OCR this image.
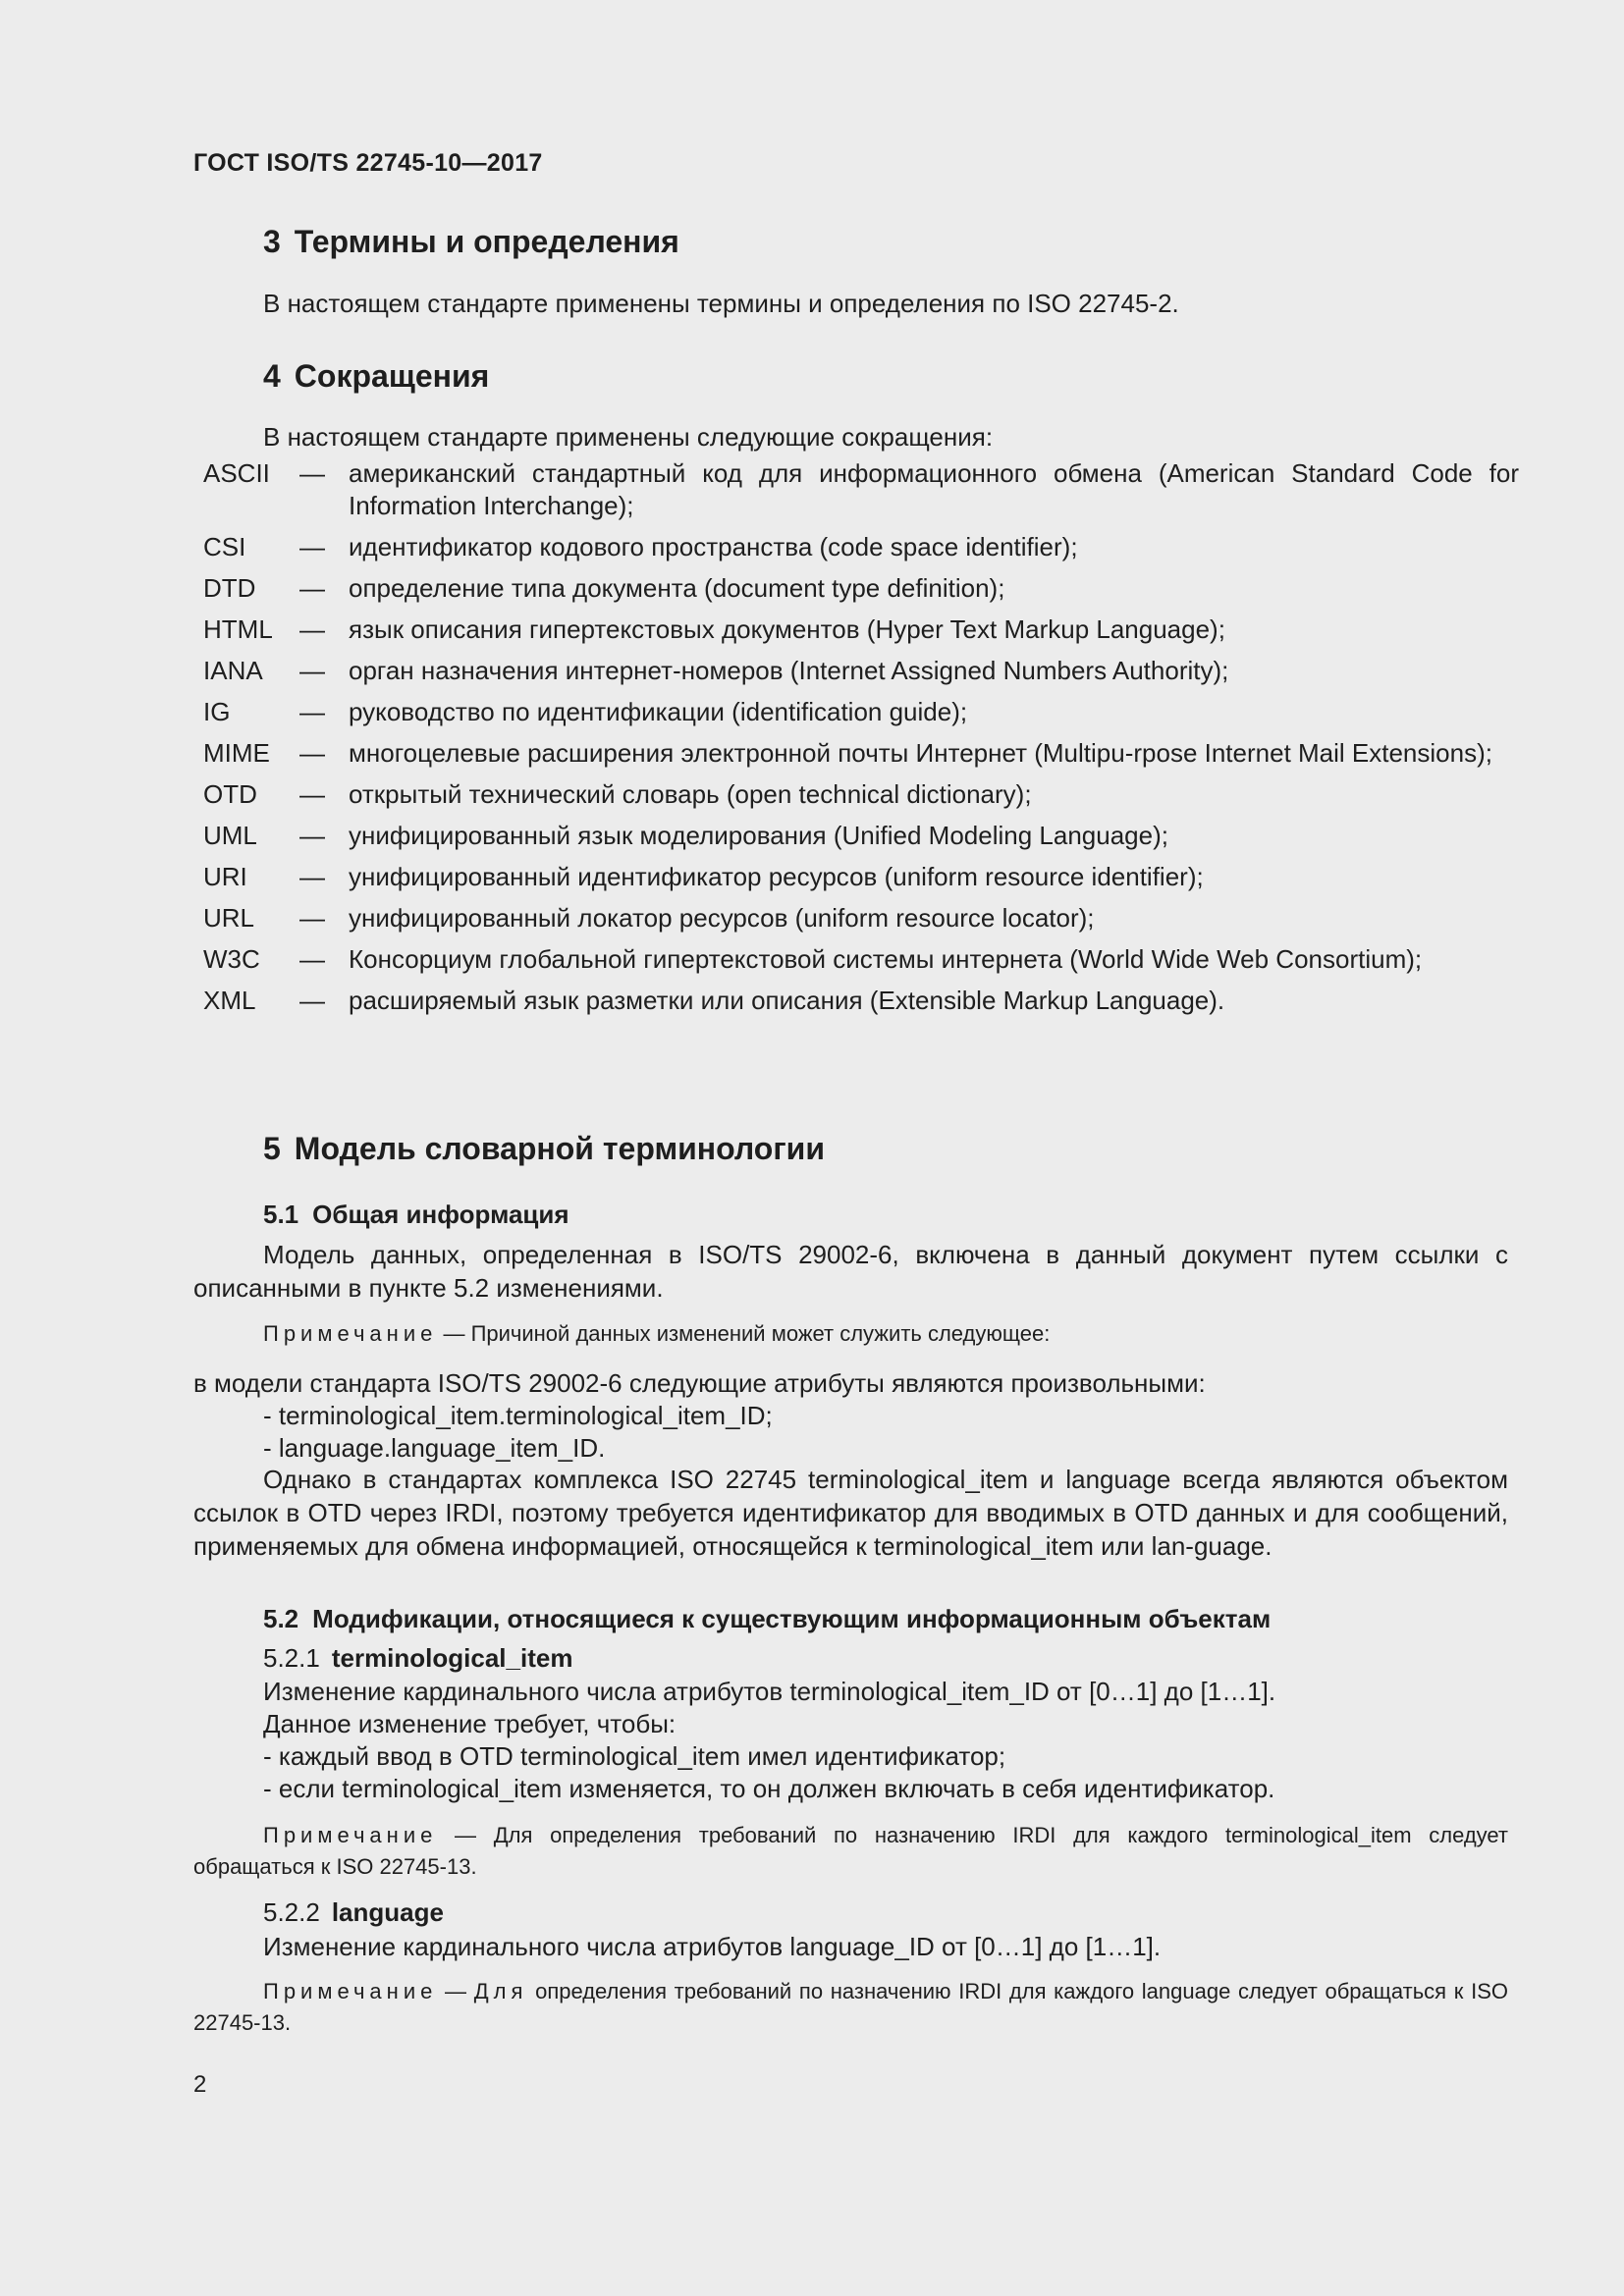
ГОСТ ISO/TS 22745-10—2017
3 Термины и определения
В настоящем стандарте применены термины и определения по ISO 22745-2.
4 Сокращения
В настоящем стандарте применены следующие сокращения:
ASCII	— американский стандартный код для информационного обмена (American Standard Code for Information Interchange);
CSI	— идентификатор кодового пространства (code space identifier);
DTD	— определение типа документа (document type definition);
HTML	— язык описания гипертекстовых документов (Hyper Text Markup Language);
IANA	— орган назначения интернет-номеров (Internet Assigned Numbers Authority);
IG	— руководство по идентификации (identification guide);
MIME	— многоцелевые расширения электронной почты Интернет (Multipu-rpose Internet Mail Extensions);
OTD	— открытый технический словарь (open technical dictionary);
UML	— унифицированный язык моделирования (Unified Modeling Language);
URI	— унифицированный идентификатор ресурсов (uniform resource identifier);
URL	— унифицированный локатор ресурсов (uniform resource locator);
W3C	— Консорциум глобальной гипертекстовой системы интернета (World Wide Web Consortium);
XML	— расширяемый язык разметки или описания (Extensible Markup Language).
5 Модель словарной терминологии
5.1 Общая информация
Модель данных, определенная в ISO/TS 29002-6, включена в данный документ путем ссылки с описанными в пункте 5.2 изменениями.
Примечание — Причиной данных изменений может служить следующее:
в модели стандарта ISO/TS 29002-6 следующие атрибуты являются произвольными:
- terminological_item.terminological_item_ID;
- language.language_item_ID.
Однако в стандартах комплекса ISO 22745 terminological_item и language всегда являются объектом ссылок в OTD через IRDI, поэтому требуется идентификатор для вводимых в OTD данных и для сообщений, применяемых для обмена информацией, относящейся к terminological_item или lan-guage.
5.2 Модификации, относящиеся к существующим информационным объектам
5.2.1 terminological_item
Изменение кардинального числа атрибутов terminological_item_ID от [0…1] до [1…1].
Данное изменение требует, чтобы:
- каждый ввод в OTD terminological_item имел идентификатор;
- если terminological_item изменяется, то он должен включать в себя идентификатор.
Примечание — Для определения требований по назначению IRDI для каждого terminological_item следует обращаться к ISO 22745-13.
5.2.2 language
Изменение кардинального числа атрибутов language_ID от [0…1] до [1…1].
Примечание — Для определения требований по назначению IRDI для каждого language следует обращаться к ISO 22745-13.
2
